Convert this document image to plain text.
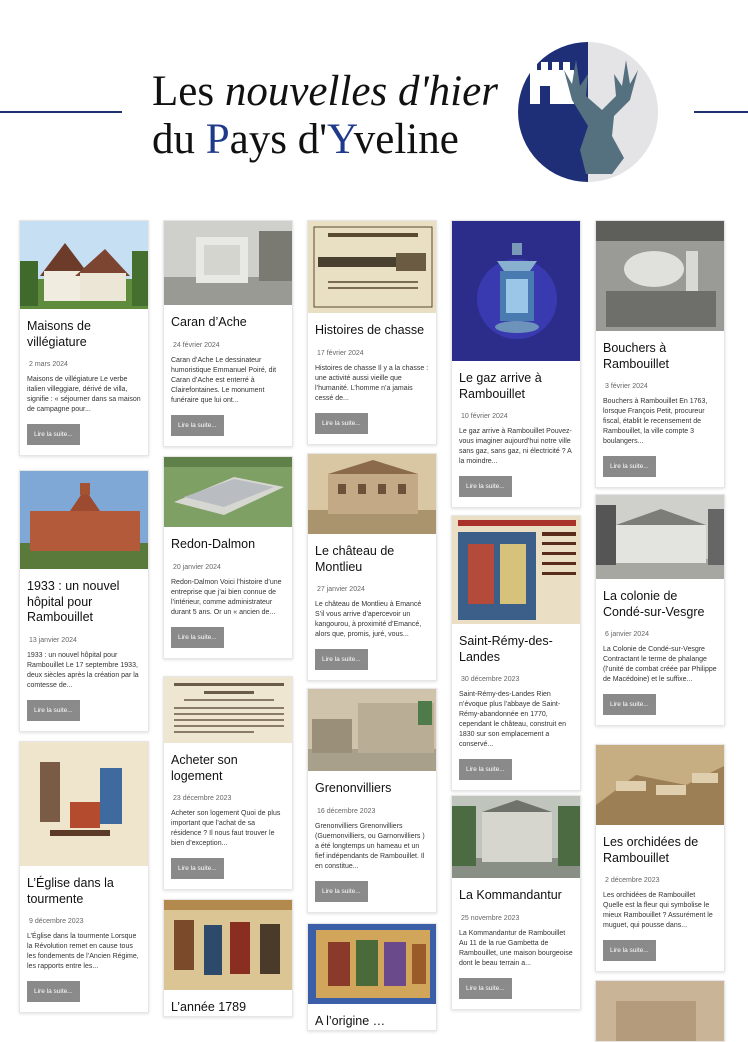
Les nouvelles d'hier
du Pays d'Yveline
Maisons de villégiature
2 mars 2024
Maisons de villégiature Le verbe italien villeggiare, dérivé de villa, signifie : « séjourner dans sa maison de campagne pour...
Lire la suite...
1933 : un nouvel hôpital pour Rambouillet
13 janvier 2024
1933 : un nouvel hôpital pour Rambouillet Le 17 septembre 1933, deux siècles après la création par la comtesse de...
Lire la suite...
L’Église dans la tourmente
9 décembre 2023
L’Église dans la tourmente Lorsque la Révolution remet en cause tous les fondements de l’Ancien Régime, les rapports entre les...
Lire la suite...
Caran d’Ache
24 février 2024
Caran d’Ache Le dessinateur humoristique Emmanuel Poiré, dit Caran d’Ache est enterré à Clairefontaines. Le monument funéraire que lui ont...
Lire la suite...
Redon-Dalmon
20 janvier 2024
Redon-Dalmon Voici l’histoire d’une entreprise que j’ai bien connue de l’intérieur, comme administrateur durant 5 ans. Or un « ancien de...
Lire la suite...
Acheter son logement
23 décembre 2023
Acheter son logement Quoi de plus important que l’achat de sa résidence ? Il nous faut trouver le bien d’exception...
Lire la suite...
L’année 1789
Histoires de chasse
17 février 2024
Histoires de chasse Il y a la chasse : une activité aussi vieille que l’humanité. L’homme n’a jamais cessé de...
Lire la suite...
Le château de Montlieu
27 janvier 2024
Le château de Montlieu à Emancé S’il vous arrive d’apercevoir un kangourou, à proximité d’Emancé, alors que, promis, juré, vous...
Lire la suite...
Grenonvilliers
16 décembre 2023
Grenonvilliers Grenonvilliers (Guernonvilliers, ou Garnonvilliers ) a été longtemps un hameau et un fief indépendants de Rambouillet. Il en constitue...
Lire la suite...
A l’origine …
Le gaz arrive à Rambouillet
10 février 2024
Le gaz arrive à Rambouillet Pouvez-vous imaginer aujourd’hui notre ville sans gaz, sans gaz, ni électricité ? A la moindre...
Lire la suite...
Saint-Rémy-des-Landes
30 décembre 2023
Saint-Rémy-des-Landes Rien n’évoque plus l’abbaye de Saint-Rémy-abandonnée en 1770, cependant le château, construit en 1830 sur son emplacement a conservé...
Lire la suite...
La Kommandantur
25 novembre 2023
La Kommandantur de Rambouillet Au 11 de la rue Gambetta de Rambouillet, une maison bourgeoise dont le beau terrain a...
Lire la suite...
Bouchers à Rambouillet
3 février 2024
Bouchers à Rambouillet En 1763, lorsque François Petit, procureur fiscal, établit le recensement de Rambouillet, la ville compte 3 boulangers...
Lire la suite...
La colonie de Condé-sur-Vesgre
6 janvier 2024
La Colonie de Condé-sur-Vesgre Contractant le terme de phalange (l’unité de combat créée par Philippe de Macédoine) et le suffixe...
Lire la suite...
Les orchidées de Rambouillet
2 décembre 2023
Les orchidées de Rambouillet Quelle est la fleur qui symbolise le mieux Rambouillet ? Assurément le muguet, qui pousse dans...
Lire la suite...
